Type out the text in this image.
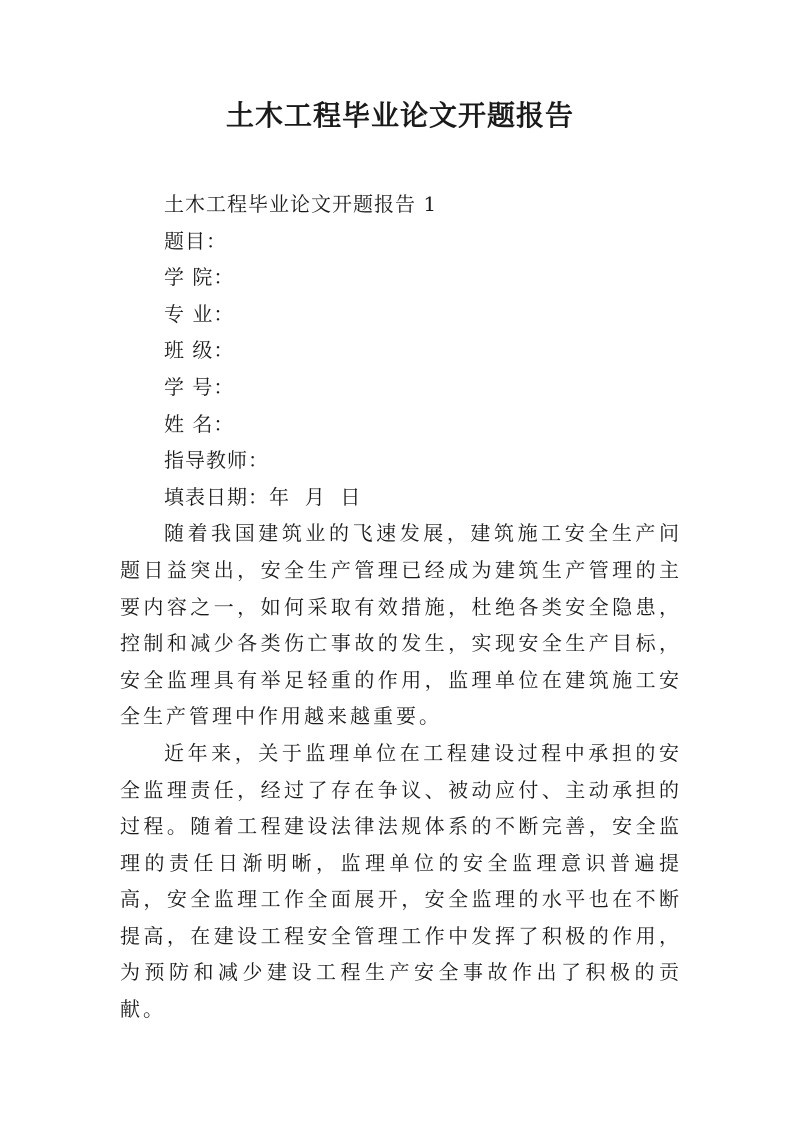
土木工程毕业论文开题报告

土木工程毕业论文开题报告 1

题目：

学 院：

专 业：

班 级：

学 号：

姓 名：

指导教师：

填表日期：年  月  日

随着我国建筑业的飞速发展，建筑施工安全生产问题日益突出，安全生产管理已经成为建筑生产管理的主要内容之一，如何采取有效措施，杜绝各类安全隐患，控制和减少各类伤亡事故的发生，实现安全生产目标，安全监理具有举足轻重的作用，监理单位在建筑施工安全生产管理中作用越来越重要。

近年来，关于监理单位在工程建设过程中承担的安全监理责任，经过了存在争议、被动应付、主动承担的过程。随着工程建设法律法规体系的不断完善，安全监理的责任日渐明晰，监理单位的安全监理意识普遍提高，安全监理工作全面展开，安全监理的水平也在不断提高，在建设工程安全管理工作中发挥了积极的作用，为预防和减少建设工程生产安全事故作出了积极的贡献。
